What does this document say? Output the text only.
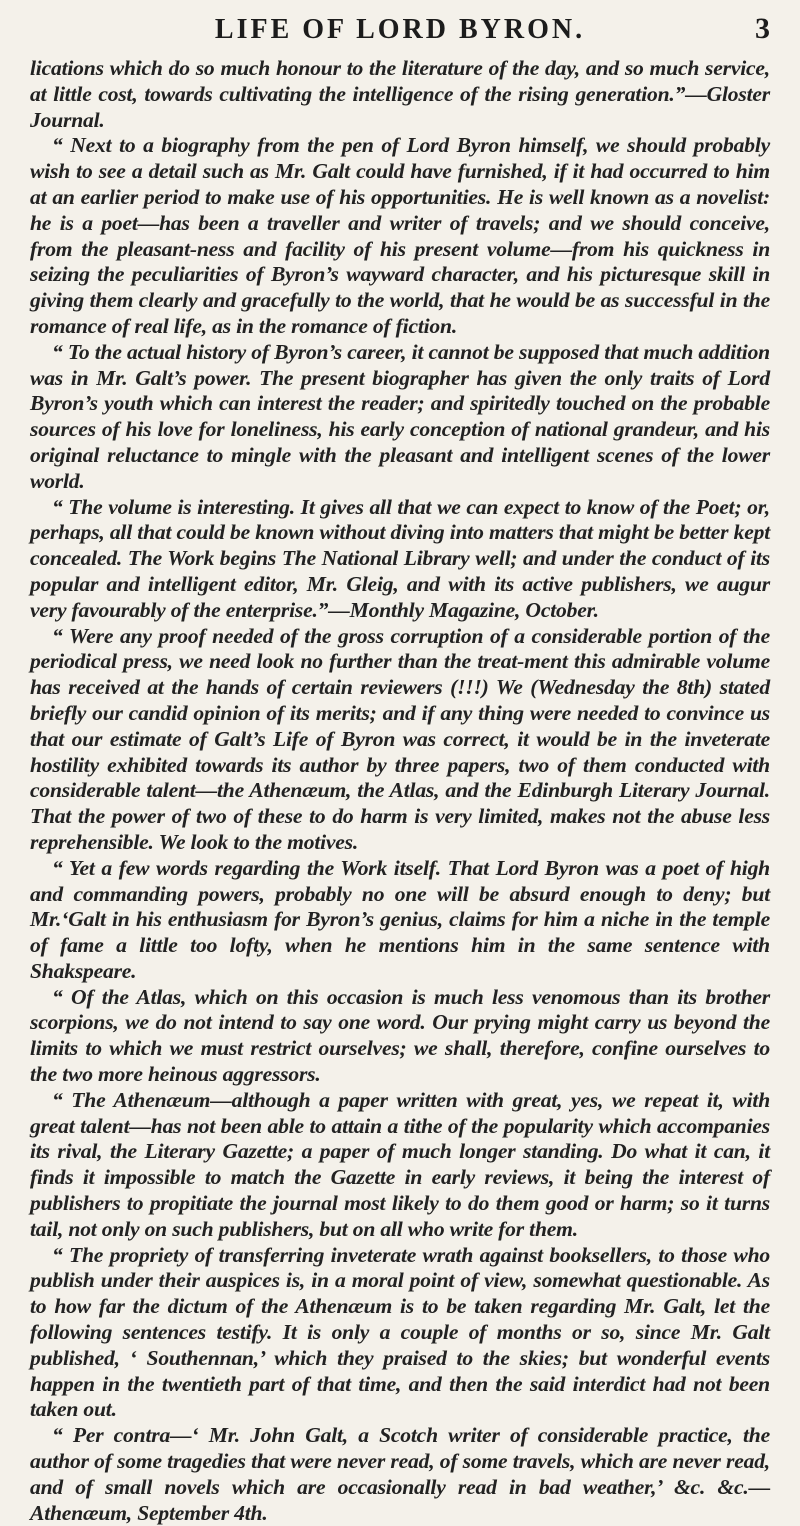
LIFE OF LORD BYRON.	3

lications which do so much honour to the literature of the day, and so much service, at little cost, towards cultivating the intelligence of the rising generation.”—Gloster Journal.

“ Next to a biography from the pen of Lord Byron himself, we should probably wish to see a detail such as Mr. Galt could have furnished, if it had occurred to him at an earlier period to make use of his opportunities. He is well known as a novelist: he is a poet—has been a traveller and writer of travels; and we should conceive, from the pleasant-ness and facility of his present volume—from his quickness in seizing the peculiarities of Byron’s wayward character, and his picturesque skill in giving them clearly and gracefully to the world, that he would be as successful in the romance of real life, as in the romance of fiction.

“ To the actual history of Byron’s career, it cannot be supposed that much addition was in Mr. Galt’s power. The present biographer has given the only traits of Lord Byron’s youth which can interest the reader; and spiritedly touched on the probable sources of his love for loneliness, his early conception of national grandeur, and his original reluctance to mingle with the pleasant and intelligent scenes of the lower world.

“ The volume is interesting. It gives all that we can expect to know of the Poet; or, perhaps, all that could be known without diving into matters that might be better kept concealed. The Work begins The National Library well; and under the conduct of its popular and intelligent editor, Mr. Gleig, and with its active publishers, we augur very favourably of the enterprise.”—Monthly Magazine, October.

“ Were any proof needed of the gross corruption of a considerable portion of the periodical press, we need look no further than the treat-ment this admirable volume has received at the hands of certain reviewers (!!!) We (Wednesday the 8th) stated briefly our candid opinion of its merits; and if any thing were needed to convince us that our estimate of Galt’s Life of Byron was correct, it would be in the inveterate hostility exhibited towards its author by three papers, two of them conducted with considerable talent—the Athenæum, the Atlas, and the Edinburgh Literary Journal. That the power of two of these to do harm is very limited, makes not the abuse less reprehensible. We look to the motives.

“ Yet a few words regarding the Work itself. That Lord Byron was a poet of high and commanding powers, probably no one will be absurd enough to deny; but Mr.‘Galt in his enthusiasm for Byron’s genius, claims for him a niche in the temple of fame a little too lofty, when he mentions him in the same sentence with Shakspeare.

“ Of the Atlas, which on this occasion is much less venomous than its brother scorpions, we do not intend to say one word. Our prying might carry us beyond the limits to which we must restrict ourselves; we shall, therefore, confine ourselves to the two more heinous aggressors.

“ The Athenæum—although a paper written with great, yes, we repeat it, with great talent—has not been able to attain a tithe of the popularity which accompanies its rival, the Literary Gazette; a paper of much longer standing. Do what it can, it finds it impossible to match the Gazette in early reviews, it being the interest of publishers to propitiate the journal most likely to do them good or harm; so it turns tail, not only on such publishers, but on all who write for them.

“ The propriety of transferring inveterate wrath against booksellers, to those who publish under their auspices is, in a moral point of view, somewhat questionable. As to how far the dictum of the Athenæum is to be taken regarding Mr. Galt, let the following sentences testify. It is only a couple of months or so, since Mr. Galt published, ‘ Southennan,’ which they praised to the skies; but wonderful events happen in the twentieth part of that time, and then the said interdict had not been taken out.

“ Per contra—‘ Mr. John Galt, a Scotch writer of considerable practice, the author of some tragedies that were never read, of some travels, which are never read, and of small novels which are occasionally read in bad weather,’ &c. &c.—Athenæum, September 4th.
